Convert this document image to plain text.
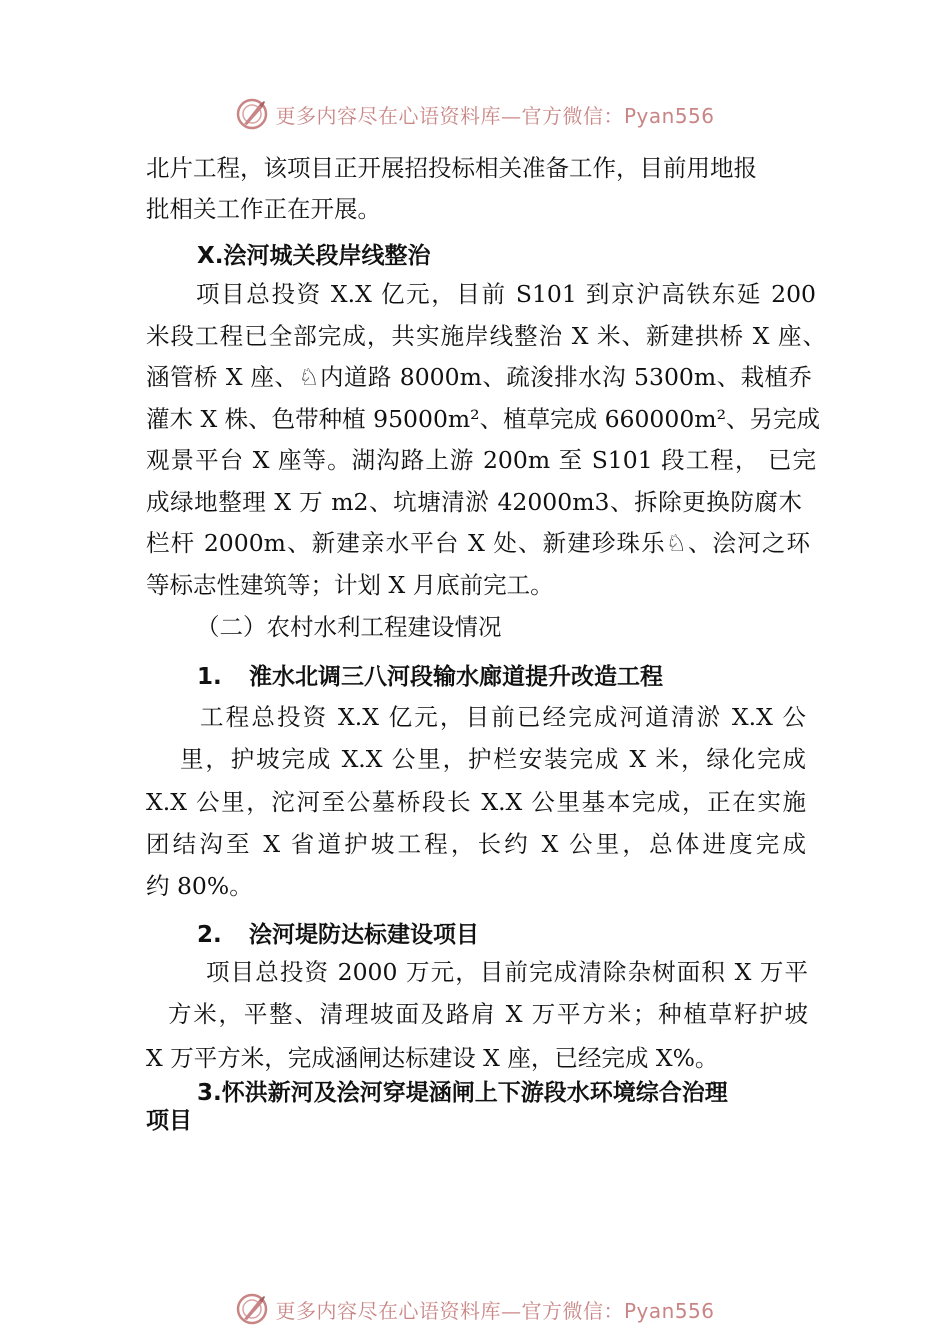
更多内容尽在心语资料库—官方微信：Pyan556
北片工程，该项目正开展招投标相关准备工作，目前用地报
批相关工作正在开展。
X.浍河城关段岸线整治
项目总投资 X.X 亿元，目前 S101 到京沪高铁东延 200
米段工程已全部完成，共实施岸线整治 X 米、新建拱桥 X 座、
涵管桥 X 座、♘内道路 8000m、疏浚排水沟 5300m、栽植乔
灌木 X 株、色带种植 95000m²、植草完成 660000m²、另完成
观景平台 X 座等。湖沟路上游 200m 至 S101 段工程， 已完
成绿地整理 X 万 m2、坑塘清淤 42000m3、拆除更换防腐木
栏杆 2000m、新建亲水平台 X 处、新建珍珠乐♘、浍河之环
等标志性建筑等；计划 X 月底前完工。
（二）农村水利工程建设情况
1. 淮水北调三八河段输水廊道提升改造工程
工程总投资 X.X 亿元，目前已经完成河道清淤 X.X 公
里，护坡完成 X.X 公里，护栏安装完成 X 米，绿化完成
X.X 公里，沱河至公墓桥段长 X.X 公里基本完成，正在实施
团结沟至 X 省道护坡工程，长约 X 公里，总体进度完成
约 80%。
2. 浍河堤防达标建设项目
项目总投资 2000 万元，目前完成清除杂树面积 X 万平
方米，平整、清理坡面及路肩 X 万平方米；种植草籽护坡
X 万平方米，完成涵闸达标建设 X 座，已经完成 X%。
3.怀洪新河及浍河穿堤涵闸上下游段水环境综合治理
项目
更多内容尽在心语资料库—官方微信：Pyan556
